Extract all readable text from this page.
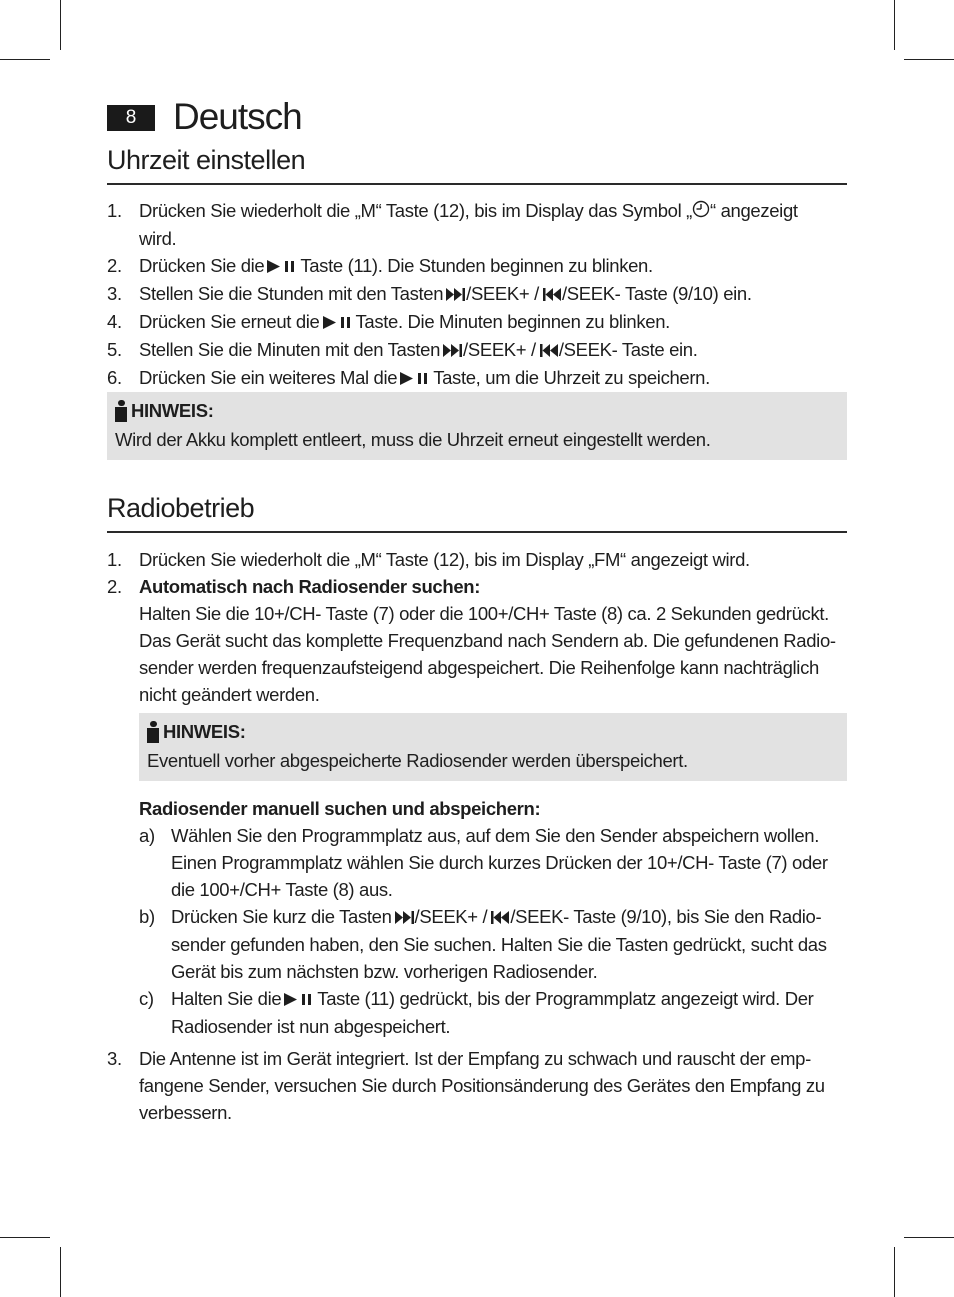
8 Deutsch
Uhrzeit einstellen
1. Drücken Sie wiederholt die „M“ Taste (12), bis im Display das Symbol „ “ angezeigt
wird.
2. Drücken Sie die Taste (11). Die Stunden beginnen zu blinken.
3. Stellen Sie die Stunden mit den Tasten /SEEK+ / /SEEK- Taste (9/10) ein.
4. Drücken Sie erneut die Taste. Die Minuten beginnen zu blinken.
5. Stellen Sie die Minuten mit den Tasten /SEEK+ / /SEEK- Taste ein.
6. Drücken Sie ein weiteres Mal die Taste, um die Uhrzeit zu speichern.
HINWEIS:
Wird der Akku komplett entleert, muss die Uhrzeit erneut eingestellt werden.
Radiobetrieb
1. Drücken Sie wiederholt die „M“ Taste (12), bis im Display „FM“ angezeigt wird.
2. Automatisch nach Radiosender suchen:
Halten Sie die 10+/CH- Taste (7) oder die 100+/CH+ Taste (8) ca. 2 Sekunden gedrückt.
Das Gerät sucht das komplette Frequenzband nach Sendern ab. Die gefundenen Radio-
sender werden frequenzaufsteigend abgespeichert. Die Reihenfolge kann nachträglich
nicht geändert werden.
HINWEIS:
Eventuell vorher abgespeicherte Radiosender werden überspeichert.
Radiosender manuell suchen und abspeichern:
a) Wählen Sie den Programmplatz aus, auf dem Sie den Sender abspeichern wollen.
Einen Programmplatz wählen Sie durch kurzes Drücken der 10+/CH- Taste (7) oder
die 100+/CH+ Taste (8) aus.
b) Drücken Sie kurz die Tasten /SEEK+ / /SEEK- Taste (9/10), bis Sie den Radio-
sender gefunden haben, den Sie suchen. Halten Sie die Tasten gedrückt, sucht das
Gerät bis zum nächsten bzw. vorherigen Radiosender.
c) Halten Sie die Taste (11) gedrückt, bis der Programmplatz angezeigt wird. Der
Radiosender ist nun abgespeichert.
3. Die Antenne ist im Gerät integriert. Ist der Empfang zu schwach und rauscht der emp-
fangene Sender, versuchen Sie durch Positionsänderung des Gerätes den Empfang zu
verbessern.
